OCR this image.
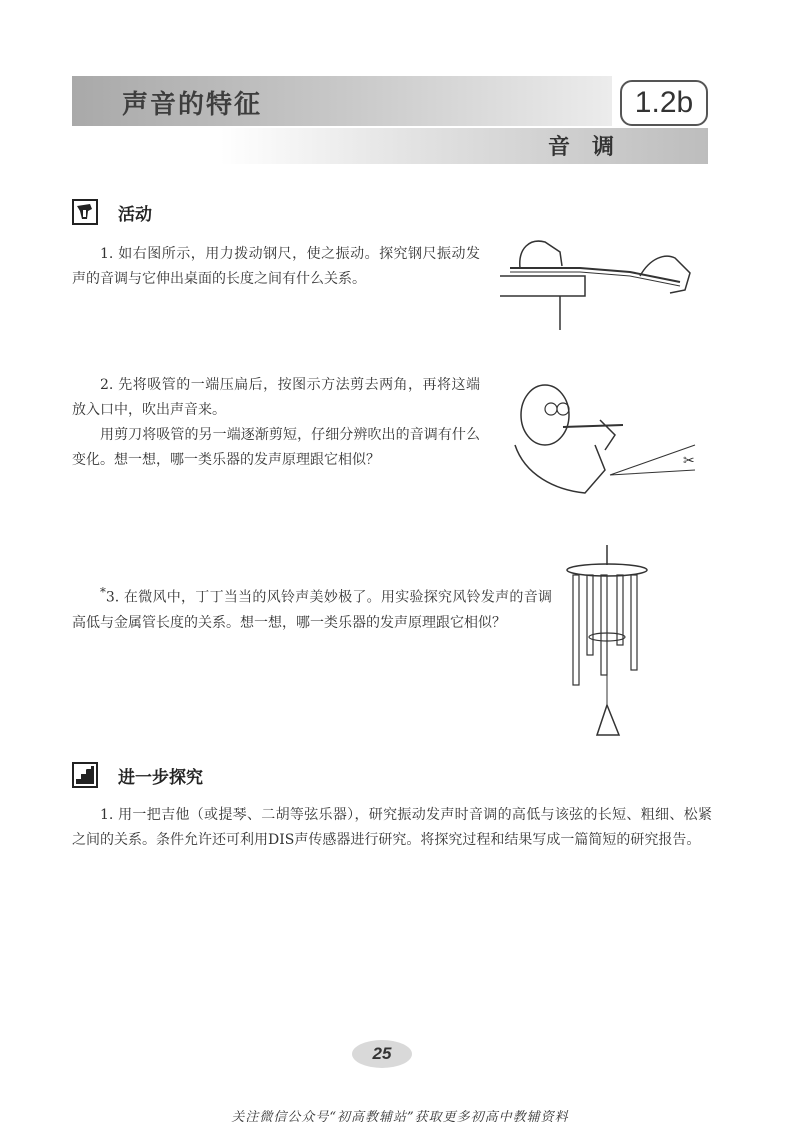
声音的特征	1.2b
音调
活动

1. 如右图所示，用力拨动钢尺，使之振动。探究钢尺振动发声的音调与它伸出桌面的长度之间有什么关系。

2. 先将吸管的一端压扁后，按图示方法剪去两角，再将这端放入口中，吹出声音来。

用剪刀将吸管的另一端逐渐剪短，仔细分辨吹出的音调有什么变化。想一想，哪一类乐器的发声原理跟它相似？	✂

*3. 在微风中，丁丁当当的风铃声美妙极了。用实验探究风铃发声的音调高低与金属管长度的关系。想一想，哪一类乐器的发声原理跟它相似？

进一步探究

1. 用一把吉他（或提琴、二胡等弦乐器），研究振动发声时音调的高低与该弦的长短、粗细、松紧之间的关系。条件允许还可利用DIS声传感器进行研究。将探究过程和结果写成一篇简短的研究报告。

25
关注微信公众号“初高教辅站”获取更多初高中教辅资料
